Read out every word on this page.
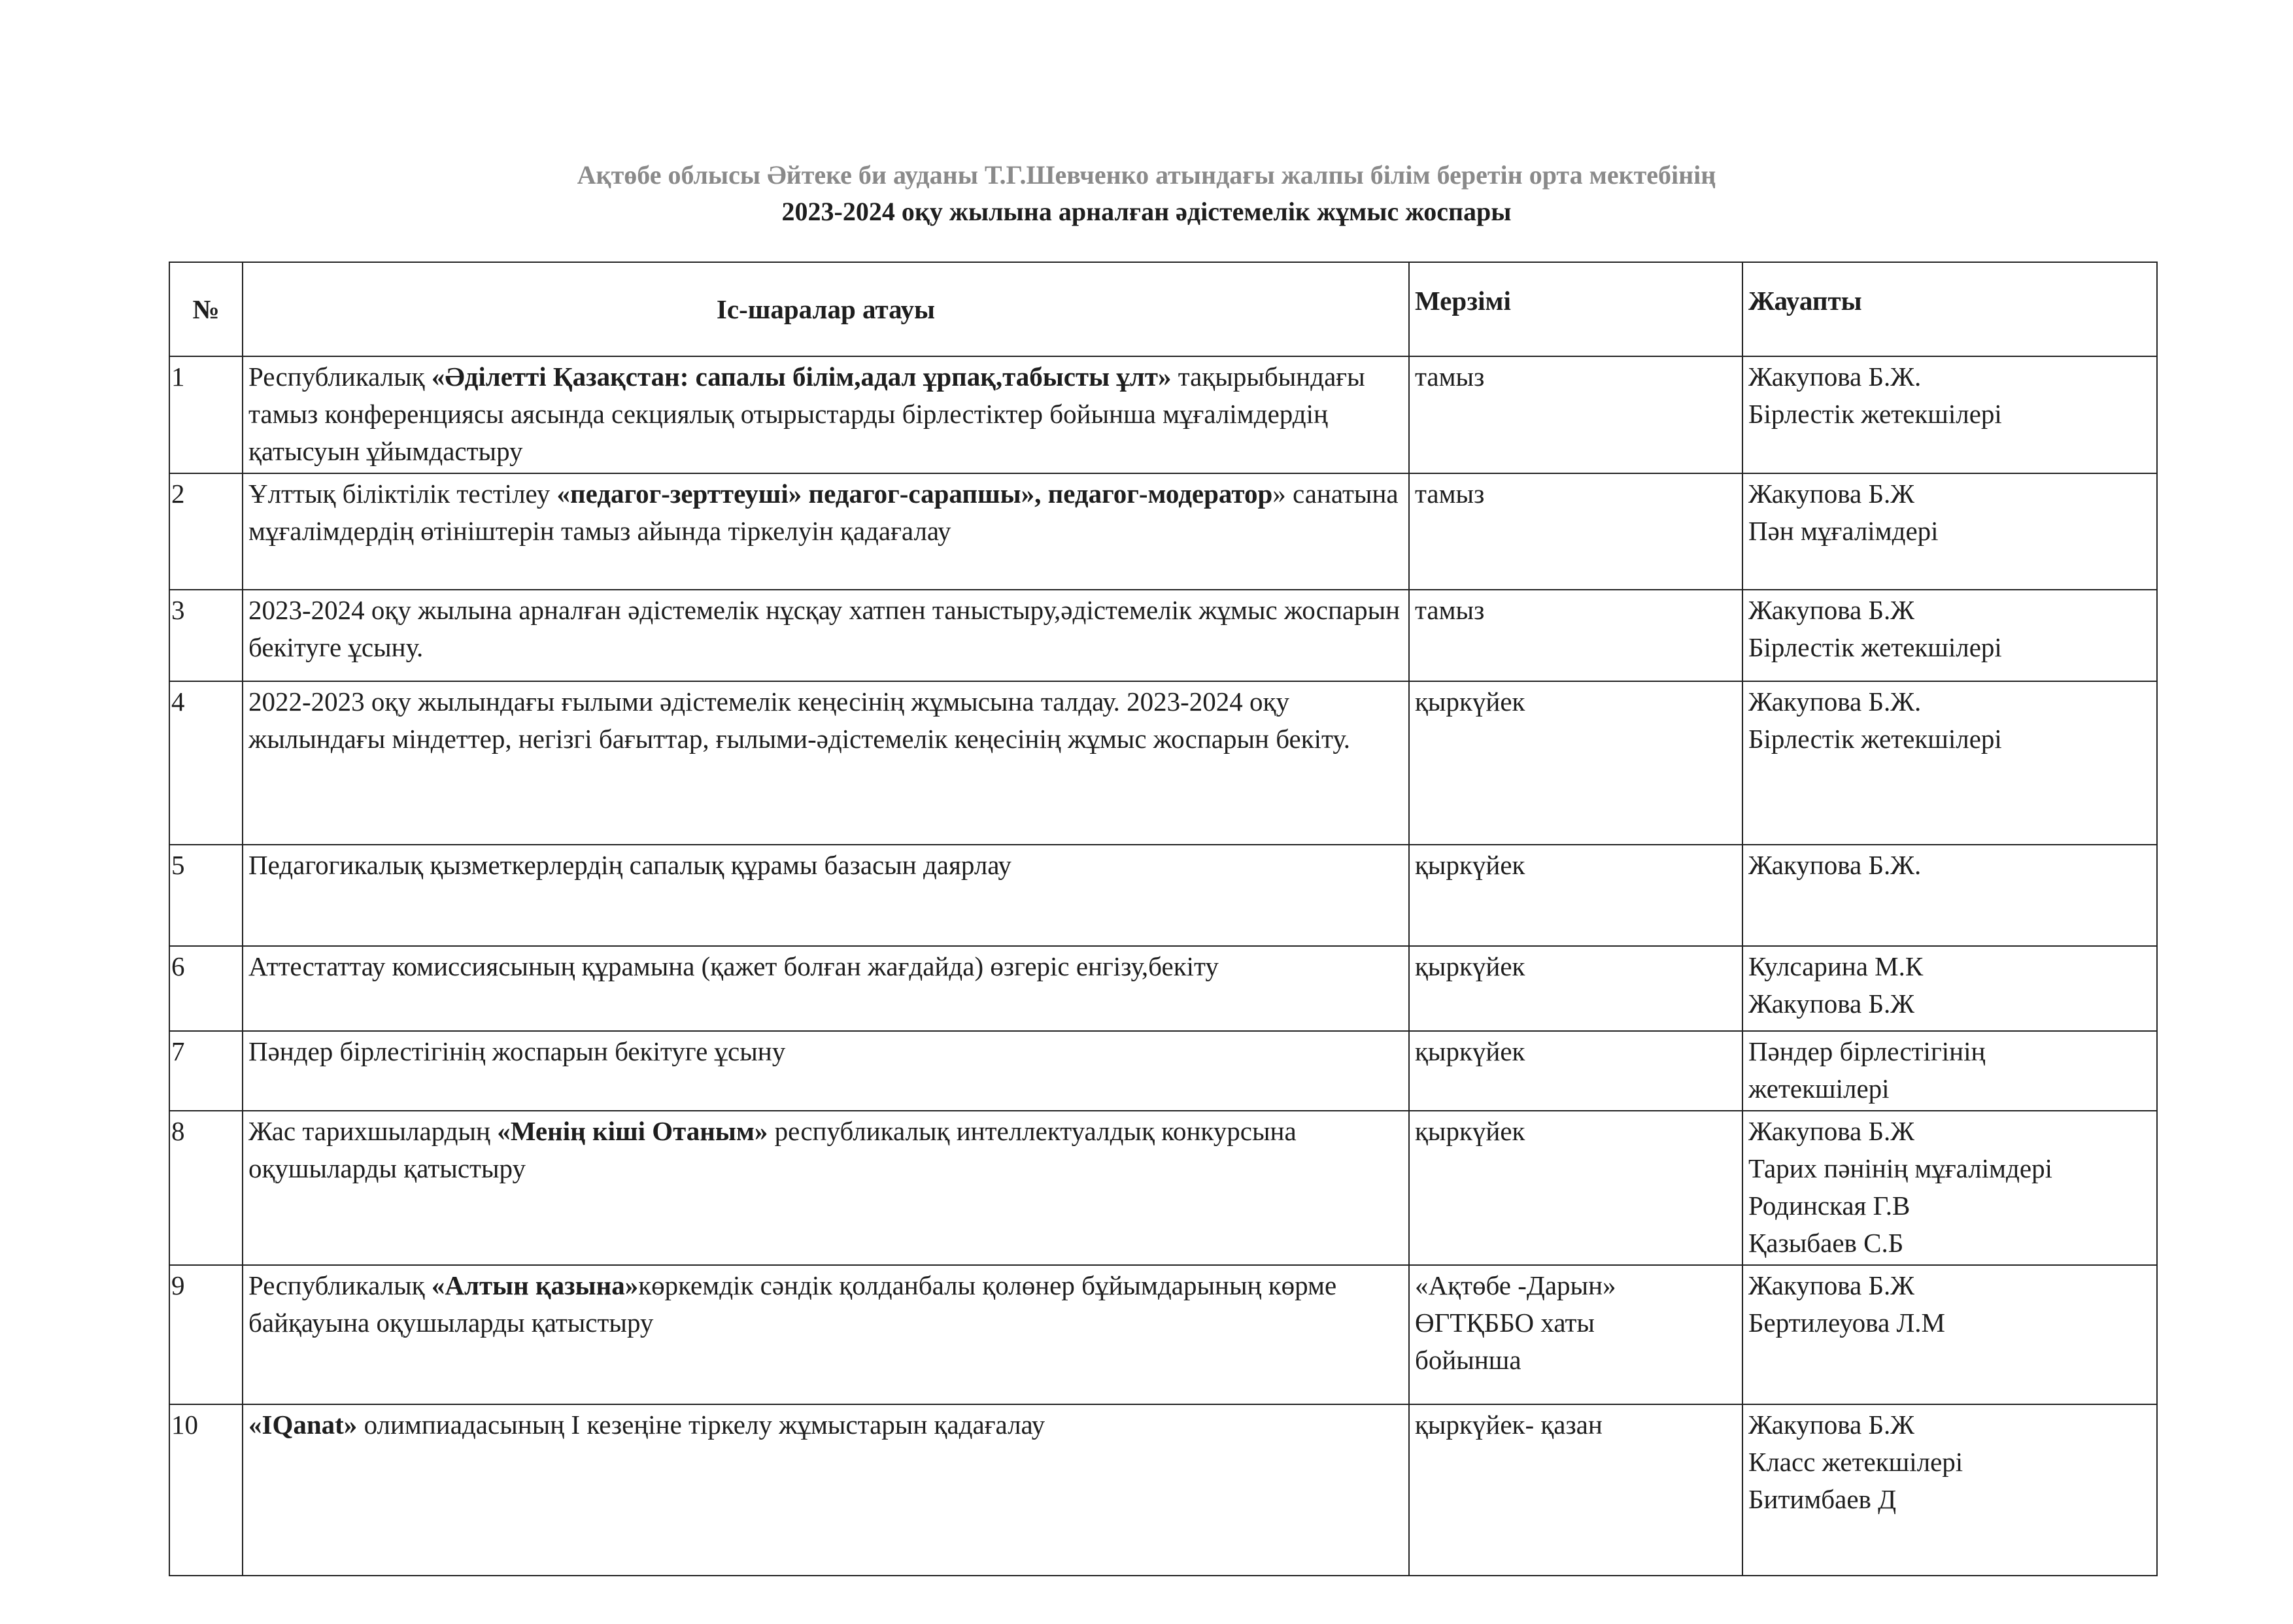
Ақтөбе облысы Әйтеке би ауданы Т.Г.Шевченко атындағы жалпы білім беретін орта мектебінің
2023-2024 оқу жылына арналған әдістемелік жұмыс жоспары
№	Іс-шаралар атауы	Мерзімі	Жауапты
1	Республикалық «Әділетті Қазақстан: сапалы білім,адал ұрпақ,табысты ұлт» тақырыбындағы тамыз конференциясы аясында секциялық отырыстарды бірлестіктер бойынша мұғалімдердің қатысуын ұйымдастыру	тамыз	Жакупова Б.Ж.
Бірлестік жетекшілері

2	Ұлттық біліктілік тестілеу «педагог-зерттеуші» педагог-сарапшы», педагог-модератор» санатына мұғалімдердің өтініштерін тамыз айында тіркелуін қадағалау	тамыз	Жакупова Б.Ж
Пән мұғалімдері

3	2023-2024 оқу жылына арналған әдістемелік нұсқау хатпен таныстыру,әдістемелік жұмыс жоспарын бекітуге ұсыну.	тамыз	Жакупова Б.Ж
Бірлестік жетекшілері

4	2022-2023 оқу жылындағы ғылыми әдістемелік кеңесінің жұмысына талдау. 2023-2024 оқу жылындағы міндеттер, негізгі бағыттар, ғылыми-әдістемелік кеңесінің жұмыс жоспарын бекіту.	қыркүйек	Жакупова Б.Ж.
Бірлестік жетекшілері

5	Педагогикалық қызметкерлердің сапалық құрамы базасын даярлау	қыркүйек	Жакупова Б.Ж.

6	Аттестаттау комиссиясының құрамына (қажет болған жағдайда) өзгеріс енгізу,бекіту	қыркүйек	Кулсарина М.К
Жакупова Б.Ж

7	Пәндер бірлестігінің жоспарын бекітуге ұсыну	қыркүйек	Пәндер бірлестігінің
жетекшілері

8	Жас тарихшылардың «Менің кіші Отаным» республикалық интеллектуалдық конкурсына оқушыларды қатыстыру	қыркүйек	Жакупова Б.Ж
Тарих пәнінің мұғалімдері
Родинская Г.В
Қазыбаев С.Б

9	Республикалық «Алтын қазына»көркемдік сәндік қолданбалы қолөнер бұйымдарының көрме байқауына оқушыларды қатыстыру	«Ақтөбе -Дарын»
ӨГТҚББО хаты
бойынша	Жакупова Б.Ж
Бертилеуова Л.М

10	«IQanat» олимпиадасының І кезеңіне тіркелу жұмыстарын қадағалау	қыркүйек- қазан	Жакупова Б.Ж
Класс жетекшілері
Битимбаев Д
